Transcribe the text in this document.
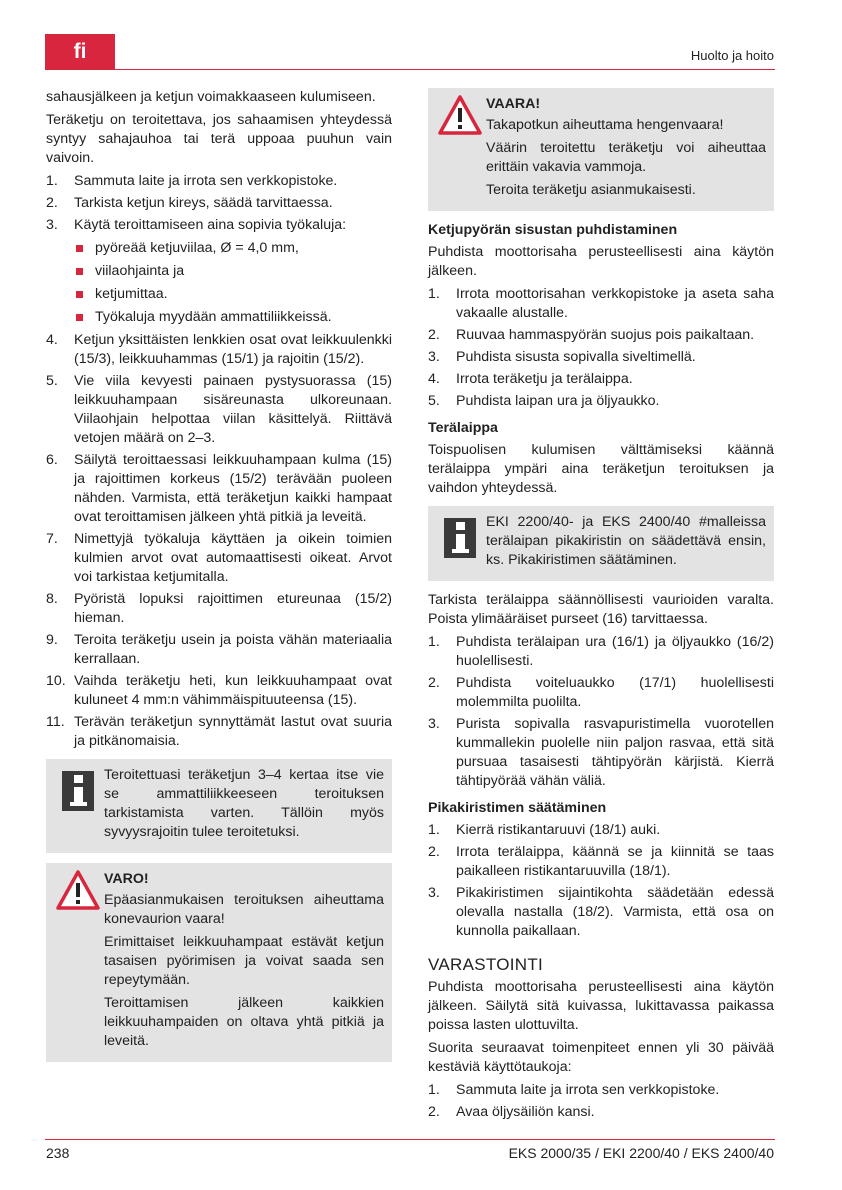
fi	Huolto ja hoito

sahausjälkeen ja ketjun voimakkaaseen kulumiseen.

Teräketju on teroitettava, jos sahaamisen yhteydessä syntyy sahajauhoa tai terä uppoaa puuhun vain vaivoin.

1.	Sammuta laite ja irrota sen verkkopistoke.
2.	Tarkista ketjun kireys, säädä tarvittaessa.
3.	Käytä teroittamiseen aina sopivia työkaluja:
pyöreää ketjuviilaa, Ø = 4,0 mm,
viilaohjainta ja
ketjumittaa.
Työkaluja myydään ammattiliikkeissä.
4.	Ketjun yksittäisten lenkkien osat ovat leikkuulenkki (15/3), leikkuuhammas (15/1) ja rajoitin (15/2).
5.	Vie viila kevyesti painaen pystysuorassa (15) leikkuuhampaan sisäreunasta ulkoreunaan. Viilaohjain helpottaa viilan käsittelyä. Riittävä vetojen määrä on 2–3.
6.	Säilytä teroittaessasi leikkuuhampaan kulma (15) ja rajoittimen korkeus (15/2) terävään puoleen nähden. Varmista, että teräketjun kaikki hampaat ovat teroittamisen jälkeen yhtä pitkiä ja leveitä.
7.	Nimettyjä työkaluja käyttäen ja oikein toimien kulmien arvot ovat automaattisesti oikeat. Arvot voi tarkistaa ketjumitalla.
8.	Pyöristä lopuksi rajoittimen etureunaa (15/2) hieman.
9.	Teroita teräketju usein ja poista vähän materiaalia kerrallaan.
10. Vaihda teräketju heti, kun leikkuuhampaat ovat kuluneet 4 mm:n vähimmäispituuteensa (15).
11. Terävän teräketjun synnyttämät lastut ovat suuria ja pitkänomaisia.

Teroitettuasi teräketjun 3–4 kertaa itse vie se ammattiliikkeeseen teroituksen tarkistamista varten. Tällöin myös syvyysrajoitin tulee teroitetuksi.

VARO!

Epäasianmukaisen teroituksen aiheuttama konevaurion vaara!

Erimittaiset leikkuuhampaat estävät ketjun tasaisen pyörimisen ja voivat saada sen repeytymään.

Teroittamisen jälkeen kaikkien leikkuuhampaiden on oltava yhtä pitkiä ja leveitä.

VAARA!

Takapotkun aiheuttama hengenvaara!

Väärin teroitettu teräketju voi aiheuttaa erittäin vakavia vammoja.

Teroita teräketju asianmukaisesti.

Ketjupyörän sisustan puhdistaminen

Puhdista moottorisaha perusteellisesti aina käytön jälkeen.

1.	Irrota moottorisahan verkkopistoke ja aseta saha vakaalle alustalle.
2.	Ruuvaa hammaspyörän suojus pois paikaltaan.
3.	Puhdista sisusta sopivalla siveltimellä.
4.	Irrota teräketju ja terälaippa.
5.	Puhdista laipan ura ja öljyaukko.
Terälaippa

Toispuolisen kulumisen välttämiseksi käännä terälaippa ympäri aina teräketjun teroituksen ja vaihdon yhteydessä.

EKI 2200/40- ja EKS 2400/40 #malleissa terälaipan pikakiristin on säädettävä ensin, ks. Pikakiristimen säätäminen.

Tarkista terälaippa säännöllisesti vaurioiden varalta. Poista ylimääräiset purseet (16) tarvittaessa.

1.	Puhdista terälaipan ura (16/1) ja öljyaukko (16/2) huolellisesti.
2.	Puhdista voiteluaukko (17/1) huolellisesti molemmilta puolilta.
3.	Purista sopivalla rasvapuristimella vuorotellen kummallekin puolelle niin paljon rasvaa, että sitä pursuaa tasaisesti tähtipyörän kärjistä. Kierrä tähtipyörää vähän väliä.
Pikakiristimen säätäminen
1.	Kierrä ristikantaruuvi (18/1) auki.
2.	Irrota terälaippa, käännä se ja kiinnitä se taas paikalleen ristikantaruuvilla (18/1).
3.	Pikakiristimen sijaintikohta säädetään edessä olevalla nastalla (18/2). Varmista, että osa on kunnolla paikallaan.
VARASTOINTI

Puhdista moottorisaha perusteellisesti aina käytön jälkeen. Säilytä sitä kuivassa, lukittavassa paikassa poissa lasten ulottuvilta.

Suorita seuraavat toimenpiteet ennen yli 30 päivää kestäviä käyttötaukoja:

1.	Sammuta laite ja irrota sen verkkopistoke.
2.	Avaa öljysäiliön kansi.
238	EKS 2000/35 / EKI 2200/40 / EKS 2400/40
